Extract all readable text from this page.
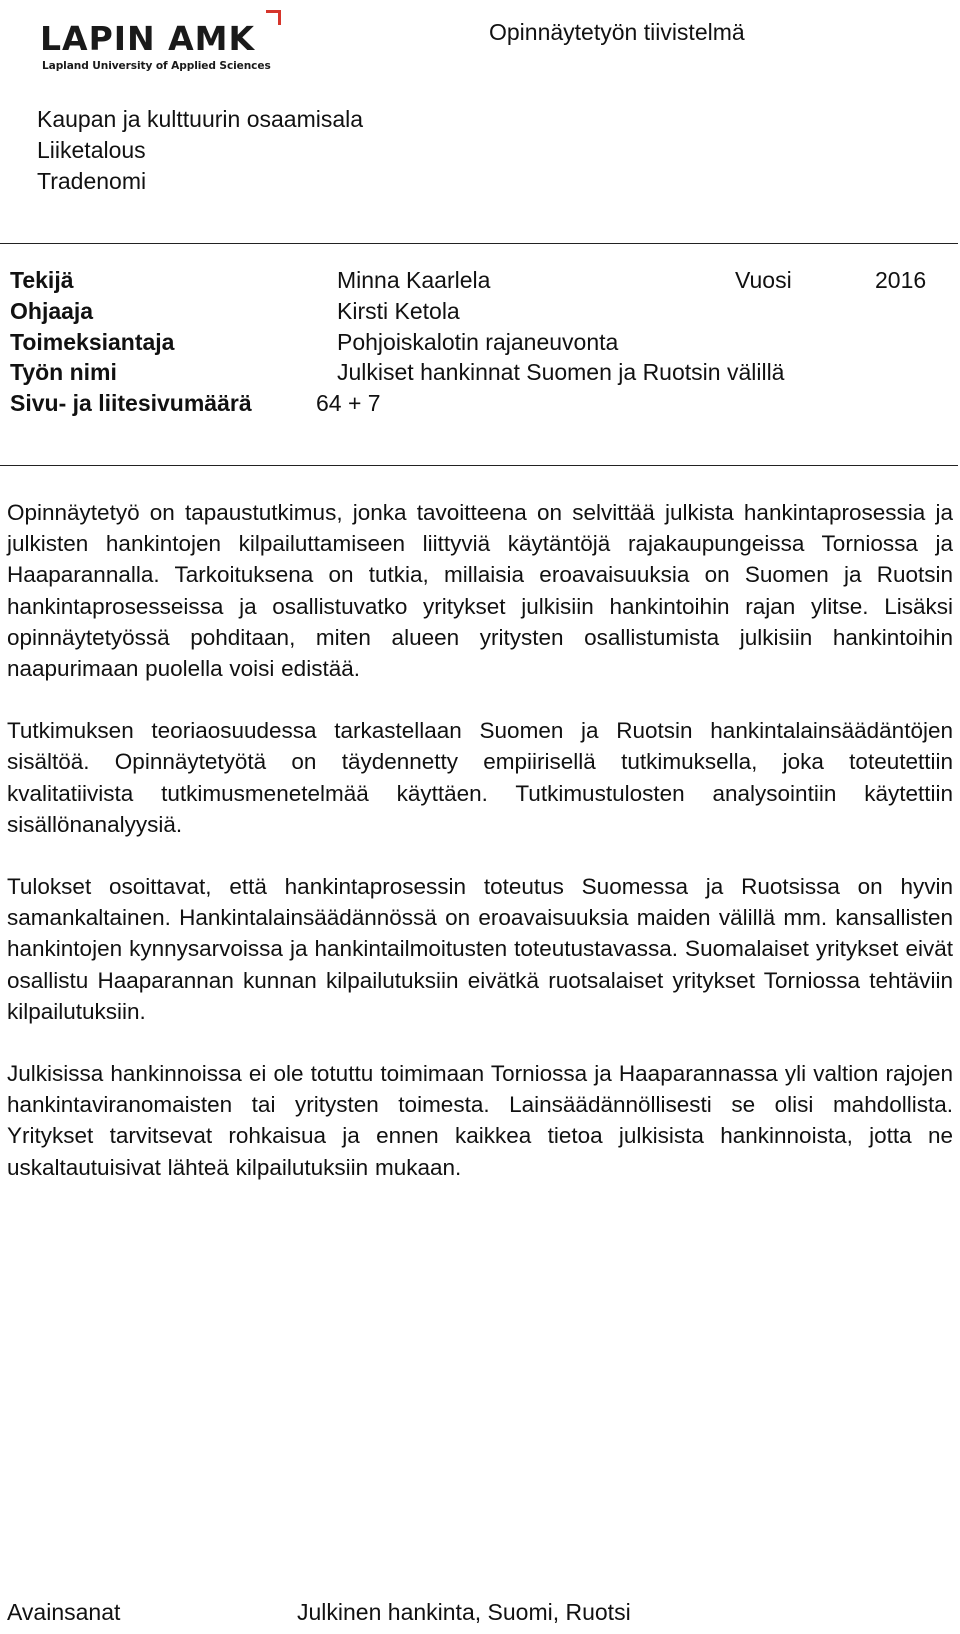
LAPIN AMK
Lapland University of Applied Sciences
Opinnäytetyön tiivistelmä
Kaupan ja kulttuurin osaamisala
Liiketalous
Tradenomi
Tekijä	Minna Kaarlela	Vuosi	2016
Ohjaaja	Kirsti Ketola
Toimeksiantaja	Pohjoiskalotin rajaneuvonta
Työn nimi	Julkiset hankinnat Suomen ja Ruotsin välillä
Sivu- ja liitesivumäärä	64 + 7

Opinnäytetyö on tapaustutkimus, jonka tavoitteena on selvittää julkista hankintaprosessia ja julkisten hankintojen kilpailuttamiseen liittyviä käytäntöjä rajakaupungeissa Torniossa ja Haaparannalla. Tarkoituksena on tutkia, millaisia eroavaisuuksia on Suomen ja Ruotsin hankintaprosesseissa ja osallistuvatko yritykset julkisiin hankintoihin rajan ylitse. Lisäksi opinnäytetyössä pohditaan, miten alueen yritysten osallistumista julkisiin hankintoihin naapurimaan puolella voisi edistää.

Tutkimuksen teoriaosuudessa tarkastellaan Suomen ja Ruotsin hankintalainsäädäntöjen sisältöä. Opinnäytetyötä on täydennetty empiirisellä tutkimuksella, joka toteutettiin kvalitatiivista tutkimusmenetelmää käyttäen. Tutkimustulosten analysointiin käytettiin sisällönanalyysiä.

Tulokset osoittavat, että hankintaprosessin toteutus Suomessa ja Ruotsissa on hyvin samankaltainen. Hankintalainsäädännössä on eroavaisuuksia maiden välillä mm. kansallisten hankintojen kynnysarvoissa ja hankintailmoitusten toteutustavassa. Suomalaiset yritykset eivät osallistu Haaparannan kunnan kilpailutuksiin eivätkä ruotsalaiset yritykset Torniossa tehtäviin kilpailutuksiin.

Julkisissa hankinnoissa ei ole totuttu toimimaan Torniossa ja Haaparannassa yli valtion rajojen hankintaviranomaisten tai yritysten toimesta. Lainsäädännöllisesti se olisi mahdollista. Yritykset tarvitsevat rohkaisua ja ennen kaikkea tietoa julkisista hankinnoista, jotta ne uskaltautuisivat lähteä kilpailutuksiin mukaan.

Avainsanat	Julkinen hankinta, Suomi, Ruotsi
